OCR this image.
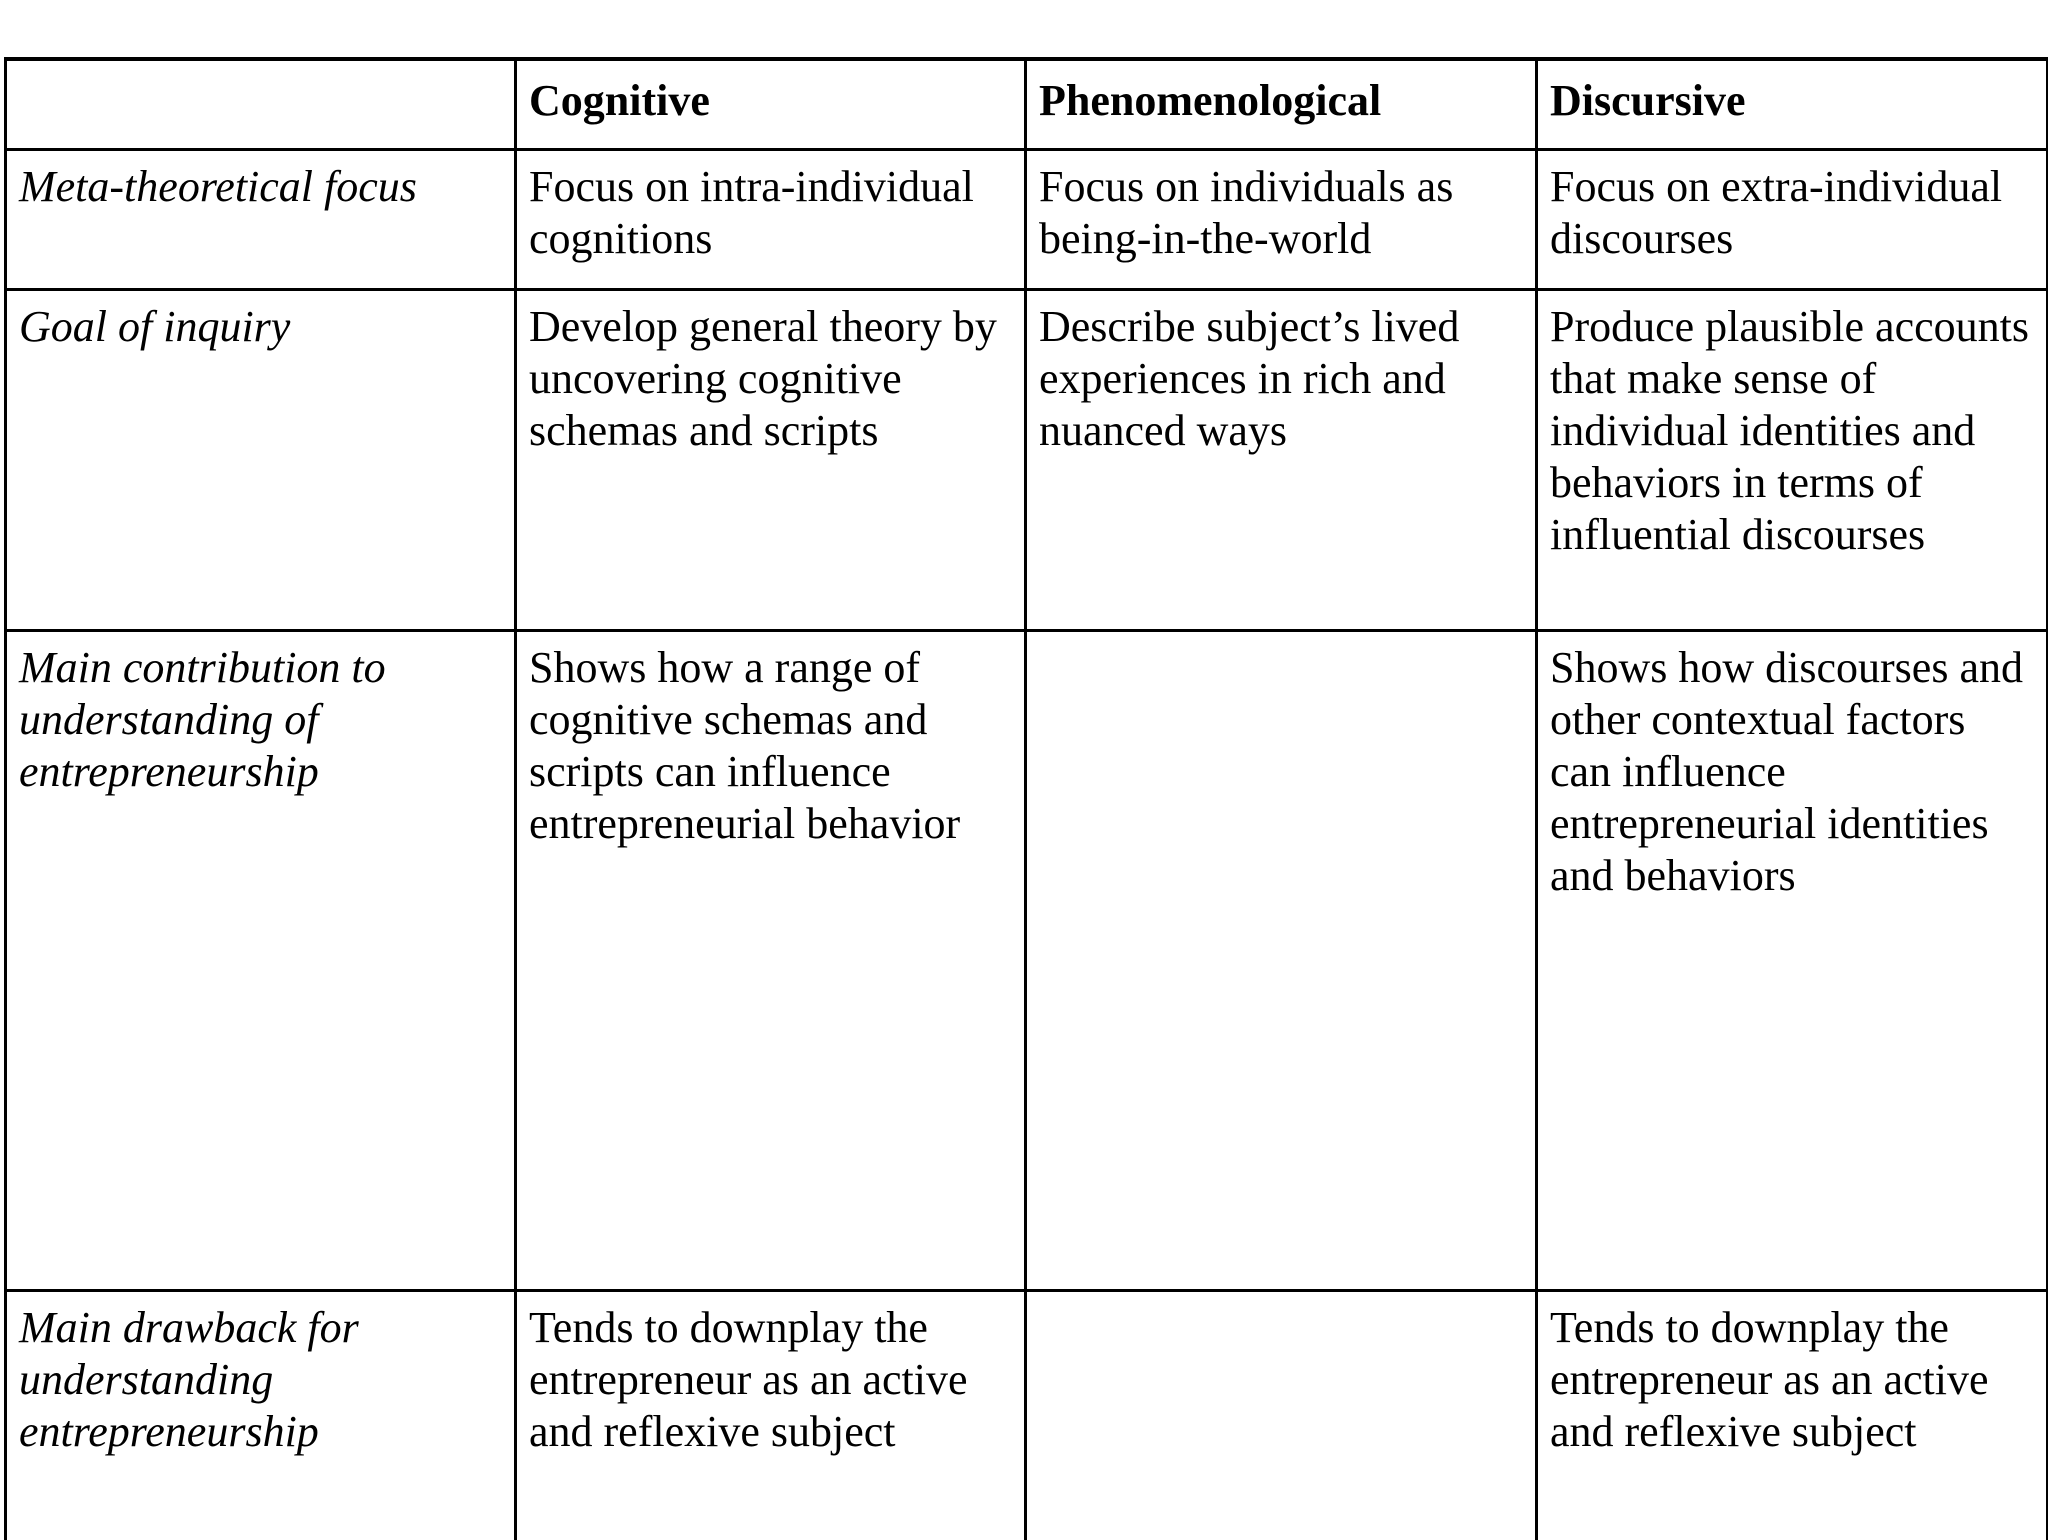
	Cognitive	Phenomenological	Discursive
Meta-theoretical focus	Focus on intra-individual cognitions	Focus on individuals as being-in-the-world	Focus on extra-individual discourses
Goal of inquiry	Develop general theory by uncovering cognitive schemas and scripts	Describe subject’s lived experiences in rich and nuanced ways	Produce plausible accounts that make sense of individual identities and behaviors in terms of influential discourses
Main contribution to understanding of entrepreneurship	Shows how a range of cognitive schemas and scripts can influence entrepreneurial behavior		Shows how discourses and other contextual factors can influence entrepreneurial identities and behaviors
Main drawback for understanding entrepreneurship	Tends to downplay the entrepreneur as an active and reflexive subject		Tends to downplay the entrepreneur as an active and reflexive subject
